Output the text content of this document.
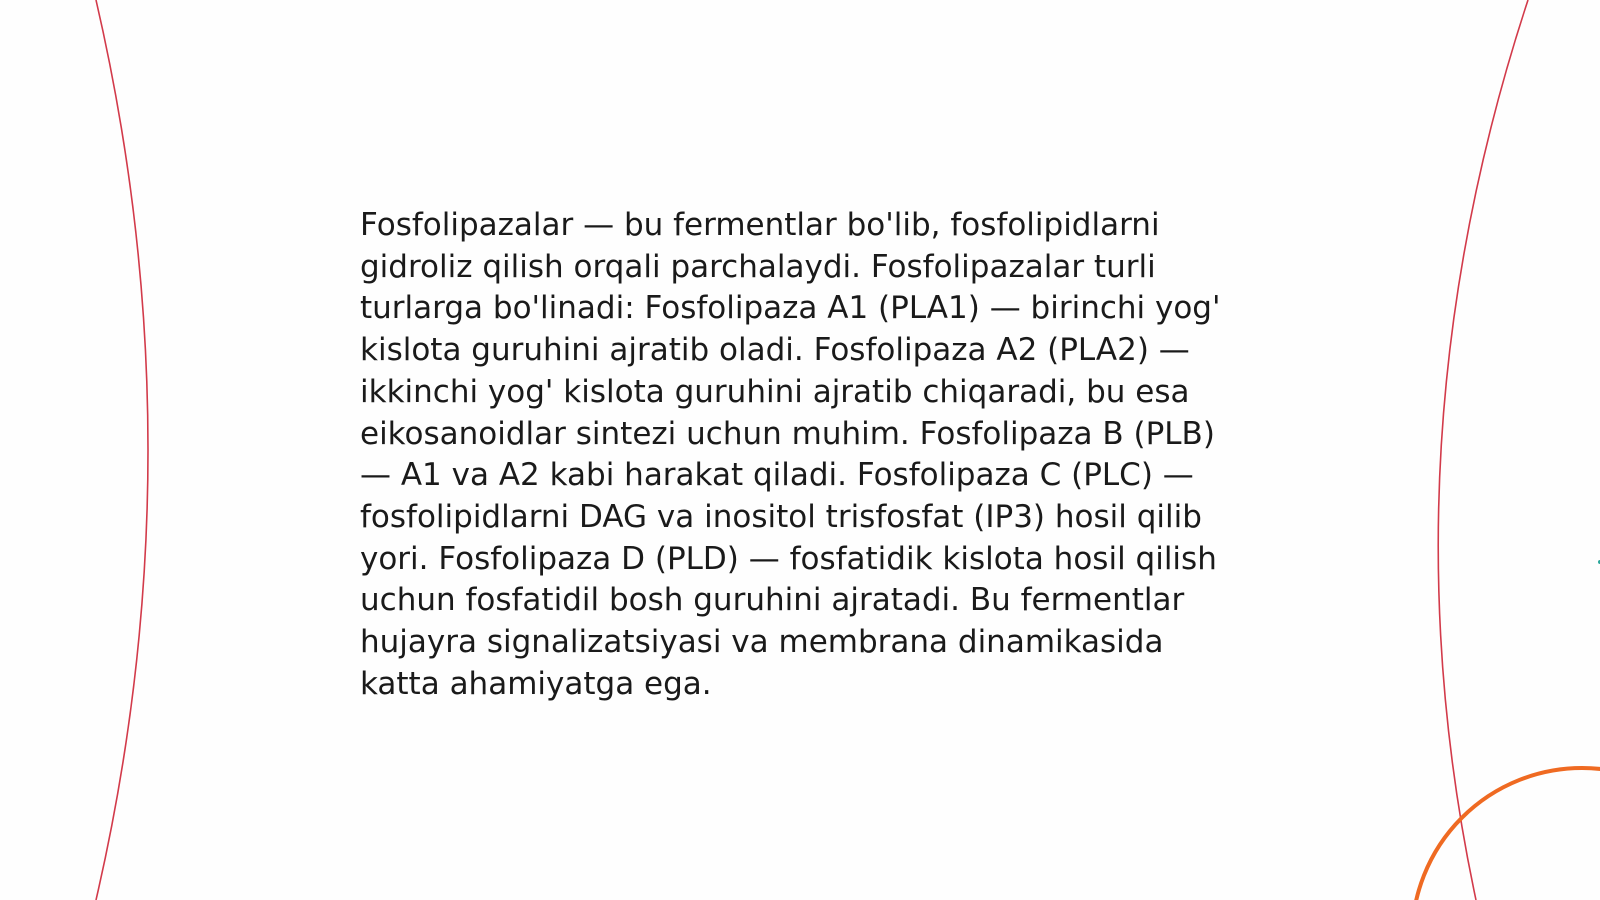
Fosfolipazalar — bu fermentlar bo'lib, fosfolipidlarni gidroliz qilish orqali parchalaydi. Fosfolipazalar turli turlarga bo'linadi: Fosfolipaza A1 (PLA1) — birinchi yog' kislota guruhini ajratib oladi. Fosfolipaza A2 (PLA2) — ikkinchi yog' kislota guruhini ajratib chiqaradi, bu esa eikosanoidlar sintezi uchun muhim. Fosfolipaza B (PLB) — A1 va A2 kabi harakat qiladi. Fosfolipaza C (PLC) — fosfolipidlarni DAG va inositol trisfosfat (IP3) hosil qilib yori. Fosfolipaza D (PLD) — fosfatidik kislota hosil qilish uchun fosfatidil bosh guruhini ajratadi. Bu fermentlar hujayra signalizatsiyasi va membrana dinamikasida katta ahamiyatga ega.
